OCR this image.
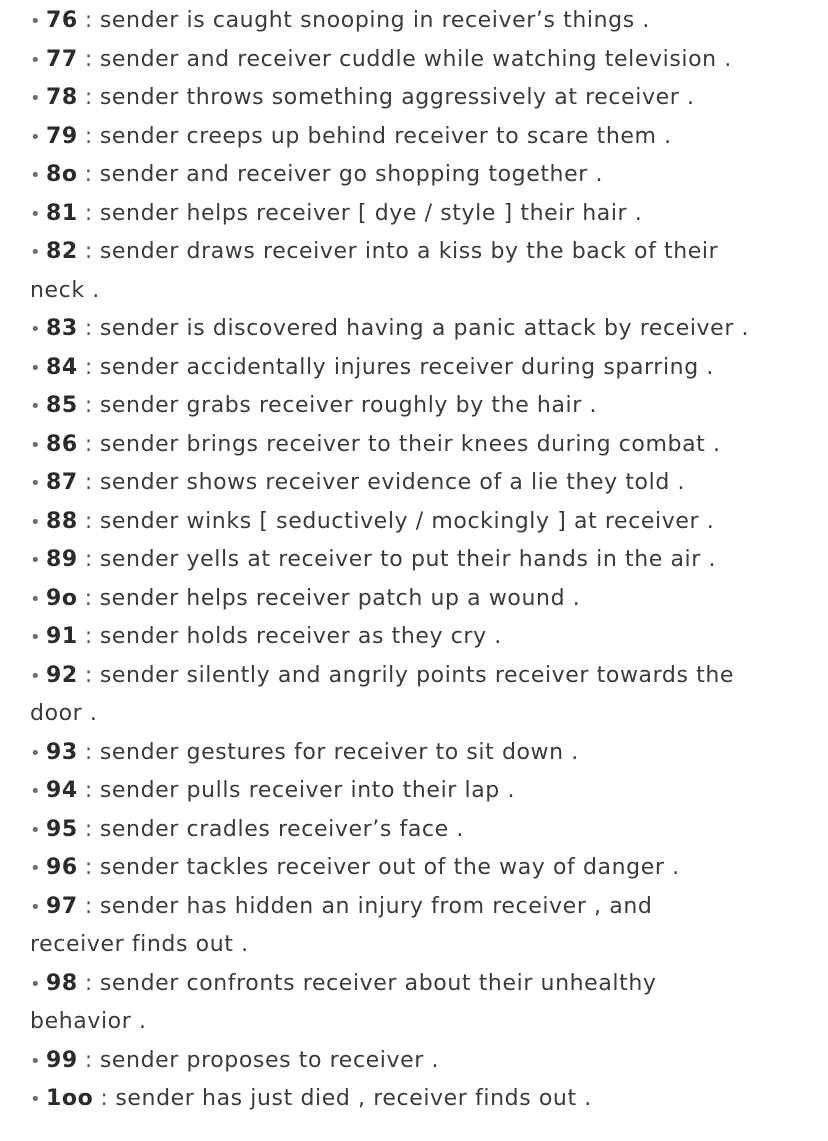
• 76 : sender is caught snooping in receiver’s things .
• 77 : sender and receiver cuddle while watching television .
• 78 : sender throws something aggressively at receiver .
• 79 : sender creeps up behind receiver to scare them .
• 8o : sender and receiver go shopping together .
• 81 : sender helps receiver [ dye / style ] their hair .
• 82 : sender draws receiver into a kiss by the back of their
neck .
• 83 : sender is discovered having a panic attack by receiver .
• 84 : sender accidentally injures receiver during sparring .
• 85 : sender grabs receiver roughly by the hair .
• 86 : sender brings receiver to their knees during combat .
• 87 : sender shows receiver evidence of a lie they told .
• 88 : sender winks [ seductively / mockingly ] at receiver .
• 89 : sender yells at receiver to put their hands in the air .
• 9o : sender helps receiver patch up a wound .
• 91 : sender holds receiver as they cry .
• 92 : sender silently and angrily points receiver towards the
door .
• 93 : sender gestures for receiver to sit down .
• 94 : sender pulls receiver into their lap .
• 95 : sender cradles receiver’s face .
• 96 : sender tackles receiver out of the way of danger .
• 97 : sender has hidden an injury from receiver , and
receiver finds out .
• 98 : sender confronts receiver about their unhealthy
behavior .
• 99 : sender proposes to receiver .
• 1oo : sender has just died , receiver finds out .
